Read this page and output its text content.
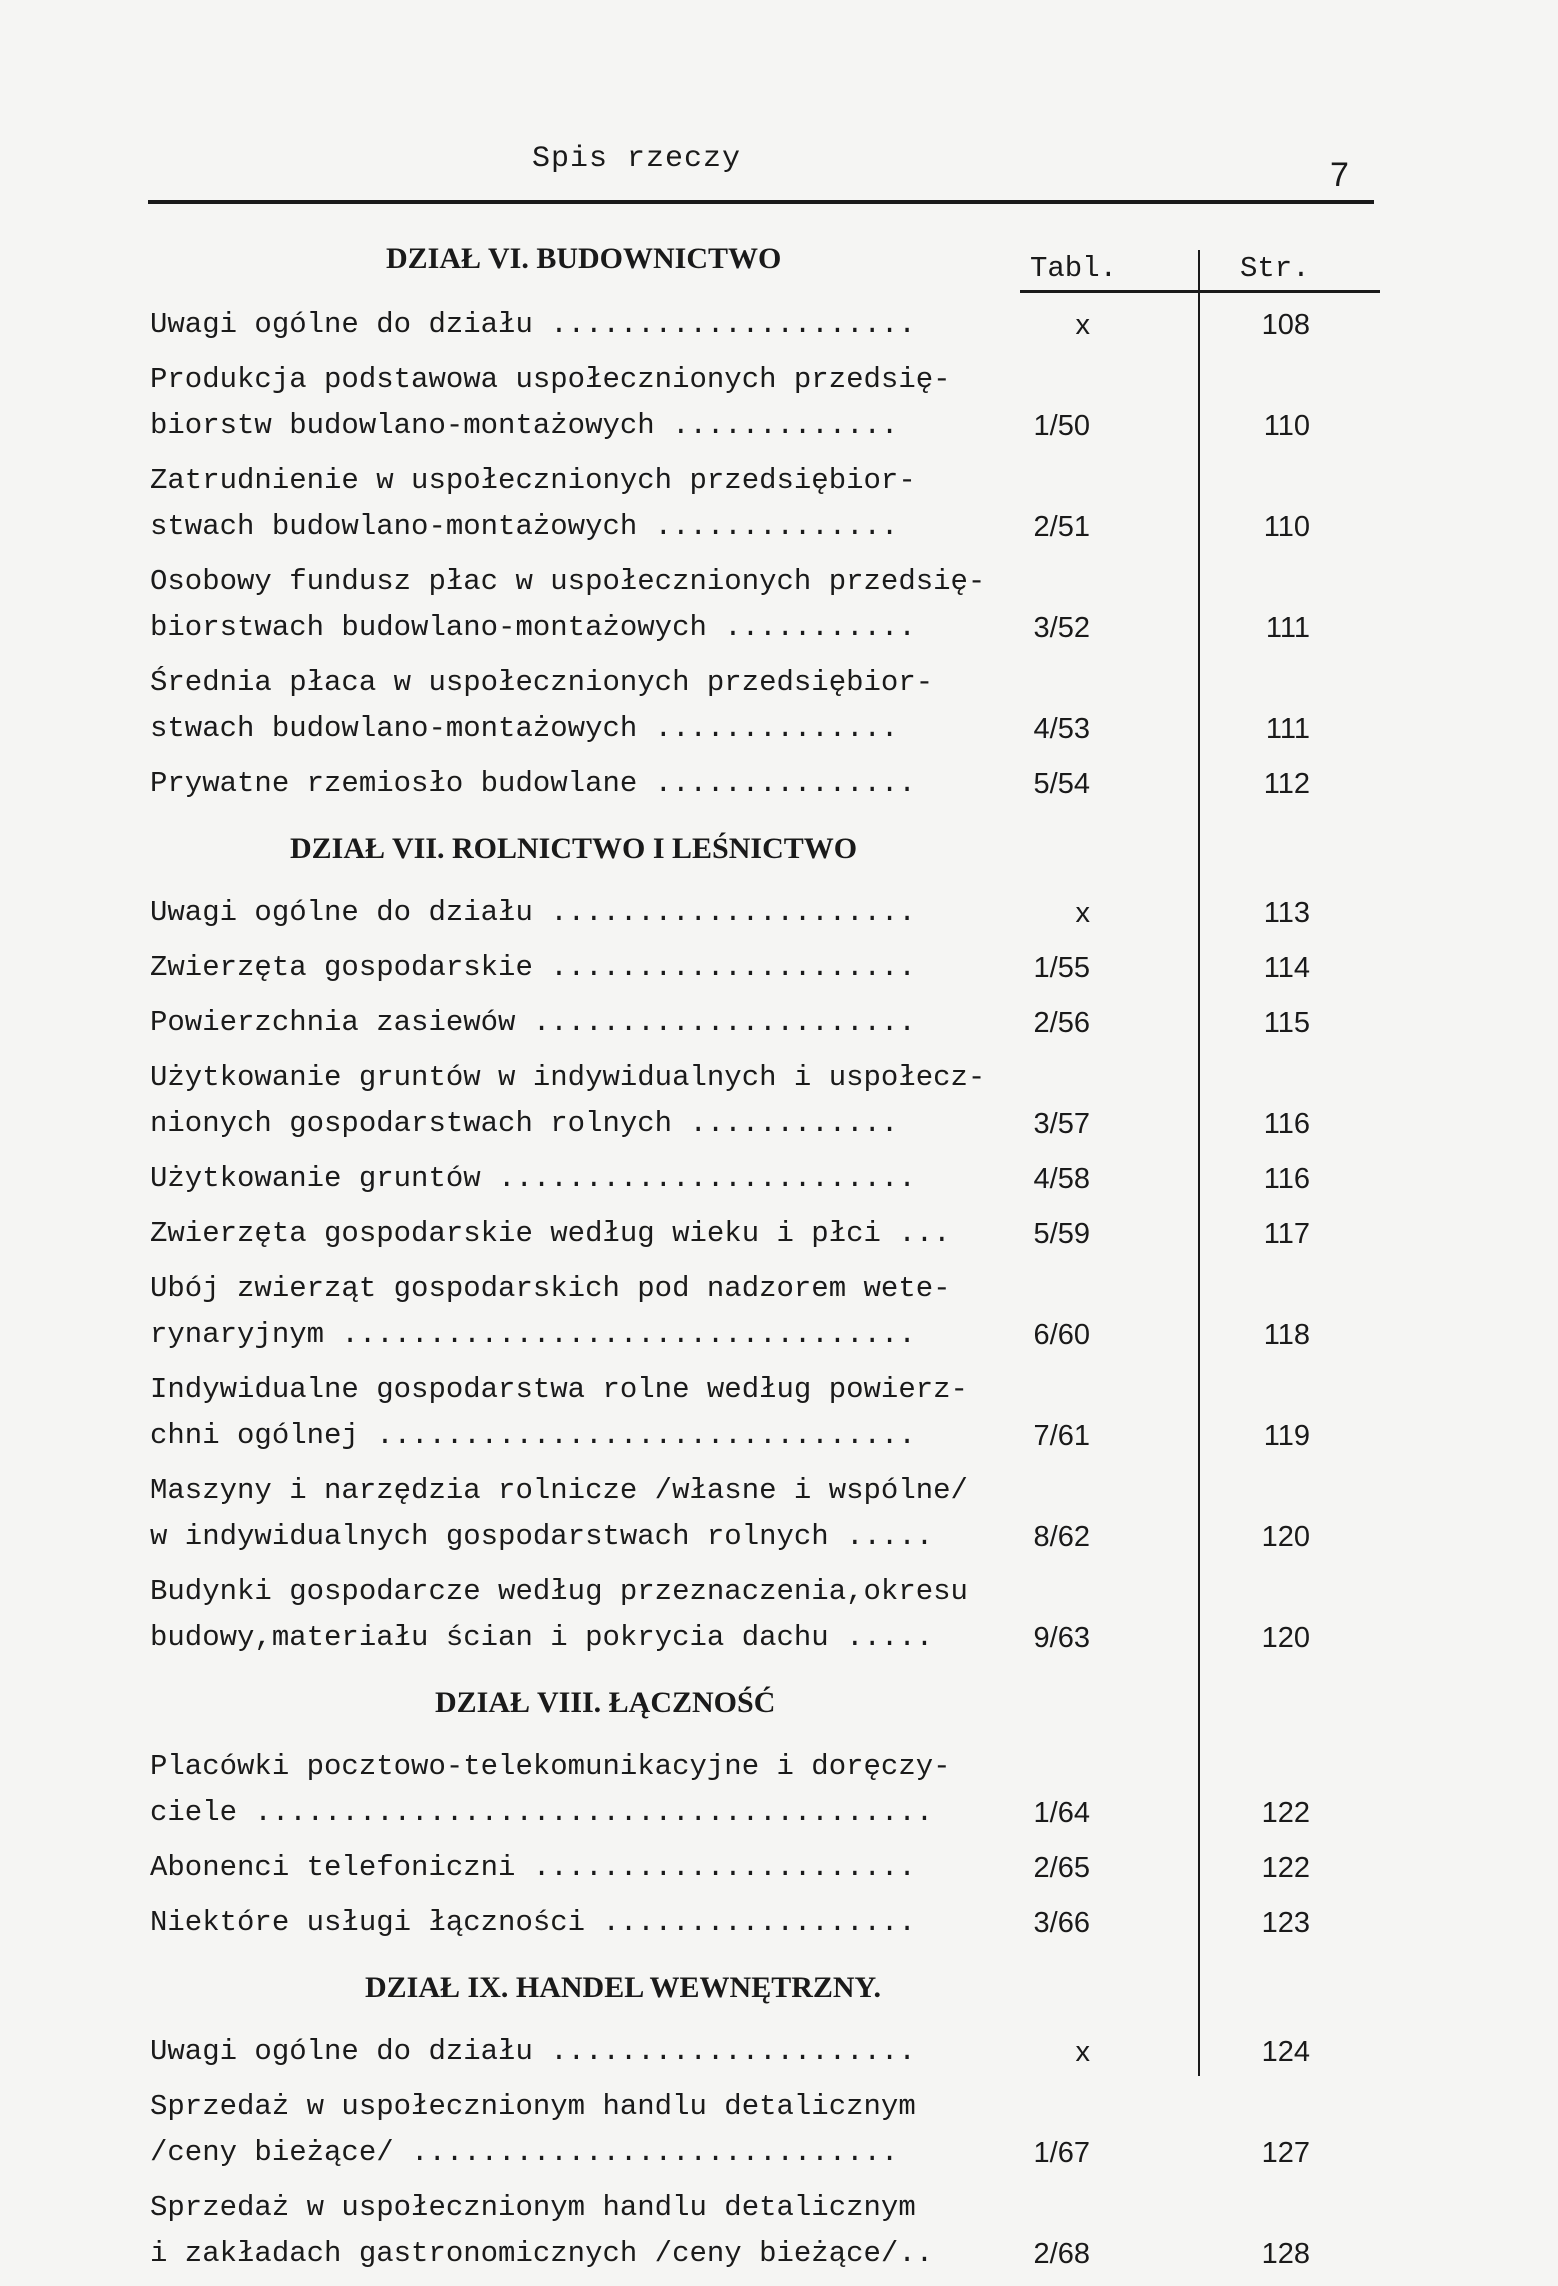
Spis rzeczy	7
DZIAŁ VI. BUDOWNICTWO	Tabl.	Str.
Uwagi ogólne do działu .....................	x	108
Produkcja podstawowa uspołecznionych przedsię-
biorstw budowlano-montażowych .............	1/50	110
Zatrudnienie w uspołecznionych przedsiębior-
stwach budowlano-montażowych ..............	2/51	110
Osobowy fundusz płac w uspołecznionych przedsię-
biorstwach budowlano-montażowych ...........	3/52	111
Średnia płaca w uspołecznionych przedsiębior-
stwach budowlano-montażowych ..............	4/53	111
Prywatne rzemiosło budowlane ...............	5/54	112
DZIAŁ VII. ROLNICTWO I LEŚNICTWO
Uwagi ogólne do działu .....................	x	113
Zwierzęta gospodarskie .....................	1/55	114
Powierzchnia zasiewów ......................	2/56	115
Użytkowanie gruntów w indywidualnych i uspołecz-
nionych gospodarstwach rolnych ............	3/57	116
Użytkowanie gruntów ........................	4/58	116
Zwierzęta gospodarskie według wieku i płci ...	5/59	117
Ubój zwierząt gospodarskich pod nadzorem wete-
rynaryjnym .................................	6/60	118
Indywidualne gospodarstwa rolne według powierz-
chni ogólnej ...............................	7/61	119
Maszyny i narzędzia rolnicze /własne i wspólne/
w indywidualnych gospodarstwach rolnych .....	8/62	120
Budynki gospodarcze według przeznaczenia,okresu
budowy,materiału ścian i pokrycia dachu .....	9/63	120
DZIAŁ VIII. ŁĄCZNOŚĆ
Placówki pocztowo-telekomunikacyjne i doręczy-
ciele .......................................	1/64	122
Abonenci telefoniczni ......................	2/65	122
Niektóre usługi łączności ..................	3/66	123
DZIAŁ IX. HANDEL WEWNĘTRZNY.
Uwagi ogólne do działu .....................	x	124
Sprzedaż w uspołecznionym handlu detalicznym
/ceny bieżące/ ............................	1/67	127
Sprzedaż w uspołecznionym handlu detalicznym
i zakładach gastronomicznych /ceny bieżące/..	2/68	128
